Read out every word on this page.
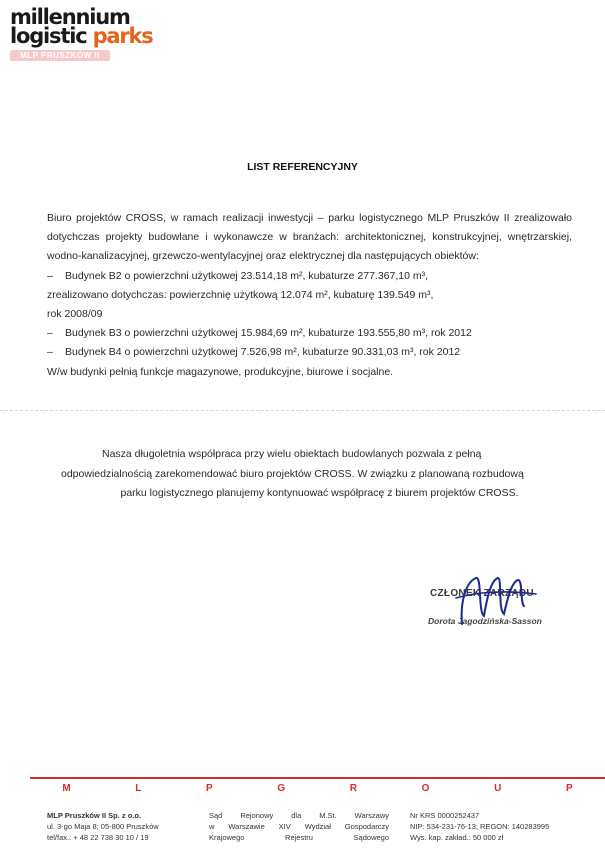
millennium
logistic parks
MLP PRUSZKÓW II
LIST REFERENCYJNY

Biuro projektów CROSS, w ramach realizacji inwestycji – parku logistycznego MLP Pruszków II zrealizowało dotychczas projekty budowlane i wykonawcze w branżach: architektonicznej, konstrukcyjnej, wnętrzarskiej, wodno-kanalizacyjnej, grzewczo-wentylacyjnej oraz elektrycznej dla następujących obiektów:

– Budynek B2 o powierzchni użytkowej 23.514,18 m², kubaturze 277.367,10 m³,
zrealizowano dotychczas: powierzchnię użytkową 12.074 m², kubaturę 139.549 m³,
rok 2008/09
– Budynek B3 o powierzchni użytkowej 15.984,69 m², kubaturze 193.555,80 m³, rok 2012
– Budynek B4 o powierzchni użytkowej 7.526,98 m², kubaturze 90.331,03 m³, rok 2012
W/w budynki pełnią funkcje magazynowe, produkcyjne, biurowe i socjalne.

Nasza długoletnia współpraca przy wielu obiektach budowlanych pozwala z pełną

odpowiedzialnością zarekomendować biuro projektów CROSS. W związku z planowaną rozbudową

parku logistycznego planujemy kontynuować współpracę z biurem projektów CROSS.

CZŁONEK ZARZĄDU
Dorota Jagodzińska-Sasson
M	L	P	G	R	O	U	P
MLP Pruszków II Sp. z o.o.
ul. 3-go Maja 8; 05-800 Pruszków
tel/fax.: + 48 22 738 30 10 / 19
Sąd Rejonowy dla M.St. Warszawy
w Warszawie XIV Wydział Gospodarczy
Krajowego Rejestru Sądowego
Nr KRS 0000252437
NIP: 534-231-76-13; REGON: 140283995
Wys. kap. zakład.: 50 000 zł
